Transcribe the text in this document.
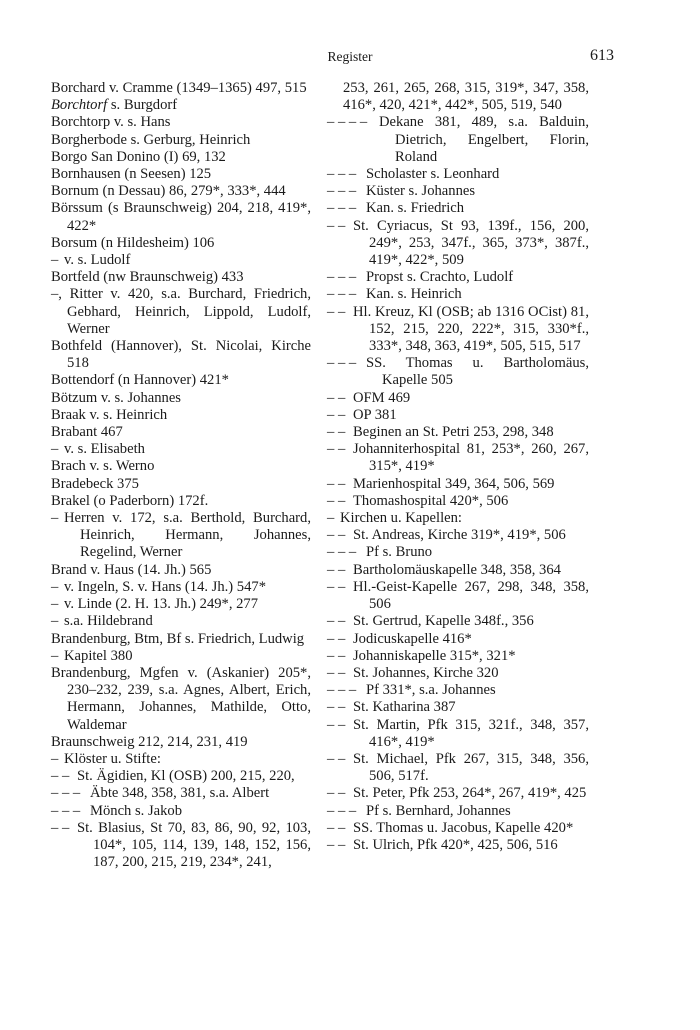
Register	613
Borchard v. Cramme (1349–1365) 497, 515
Borchtorf s. Burgdorf
Borchtorp v. s. Hans
Borgherbode s. Gerburg, Heinrich
Borgo San Donino (I) 69, 132
Bornhausen (n Seesen) 125
Bornum (n Dessau) 86, 279*, 333*, 444
Börssum (s Braunschweig) 204, 218, 419*, 422*
Borsum (n Hildesheim) 106
– v. s. Ludolf
Bortfeld (nw Braunschweig) 433
–, Ritter v. 420, s.a. Burchard, Friedrich, Gebhard, Heinrich, Lippold, Ludolf, Werner
Bothfeld (Hannover), St. Nicolai, Kirche 518
Bottendorf (n Hannover) 421*
Bötzum v. s. Johannes
Braak v. s. Heinrich
Brabant 467
– v. s. Elisabeth
Brach v. s. Werno
Bradebeck 375
Brakel (o Paderborn) 172f.
– Herren v. 172, s.a. Berthold, Burchard, Heinrich, Hermann, Johannes, Regelind, Werner
Brand v. Haus (14. Jh.) 565
– v. Ingeln, S. v. Hans (14. Jh.) 547*
– v. Linde (2. H. 13. Jh.) 249*, 277
– s.a. Hildebrand
Brandenburg, Btm, Bf s. Friedrich, Ludwig
– Kapitel 380
Brandenburg, Mgfen v. (Askanier) 205*, 230–232, 239, s.a. Agnes, Albert, Erich, Hermann, Johannes, Mathilde, Otto, Waldemar
Braunschweig 212, 214, 231, 419
– Klöster u. Stifte:
– – St. Ägidien, Kl (OSB) 200, 215, 220,
– – – Äbte 348, 358, 381, s.a. Albert
– – – Mönch s. Jakob
– – St. Blasius, St 70, 83, 86, 90, 92, 103, 104*, 105, 114, 139, 148, 152, 156, 187, 200, 215, 219, 234*, 241,
253, 261, 265, 268, 315, 319*, 347, 358, 416*, 420, 421*, 442*, 505, 519, 540
– – – – Dekane 381, 489, s.a. Balduin, Dietrich, Engelbert, Florin, Roland
– – – Scholaster s. Leonhard
– – – Küster s. Johannes
– – – Kan. s. Friedrich
– – St. Cyriacus, St 93, 139f., 156, 200, 249*, 253, 347f., 365, 373*, 387f., 419*, 422*, 509
– – – Propst s. Crachto, Ludolf
– – – Kan. s. Heinrich
– – Hl. Kreuz, Kl (OSB; ab 1316 OCist) 81, 152, 215, 220, 222*, 315, 330*f., 333*, 348, 363, 419*, 505, 515, 517
– – – SS. Thomas u. Bartholomäus, Kapelle 505
– – OFM 469
– – OP 381
– – Beginen an St. Petri 253, 298, 348
– – Johanniterhospital 81, 253*, 260, 267, 315*, 419*
– – Marienhospital 349, 364, 506, 569
– – Thomashospital 420*, 506
– Kirchen u. Kapellen:
– – St. Andreas, Kirche 319*, 419*, 506
– – – Pf s. Bruno
– – Bartholomäuskapelle 348, 358, 364
– – Hl.-Geist-Kapelle 267, 298, 348, 358, 506
– – St. Gertrud, Kapelle 348f., 356
– – Jodicuskapelle 416*
– – Johanniskapelle 315*, 321*
– – St. Johannes, Kirche 320
– – – Pf 331*, s.a. Johannes
– – St. Katharina 387
– – St. Martin, Pfk 315, 321f., 348, 357, 416*, 419*
– – St. Michael, Pfk 267, 315, 348, 356, 506, 517f.
– – St. Peter, Pfk 253, 264*, 267, 419*, 425
– – – Pf s. Bernhard, Johannes
– – SS. Thomas u. Jacobus, Kapelle 420*
– – St. Ulrich, Pfk 420*, 425, 506, 516
